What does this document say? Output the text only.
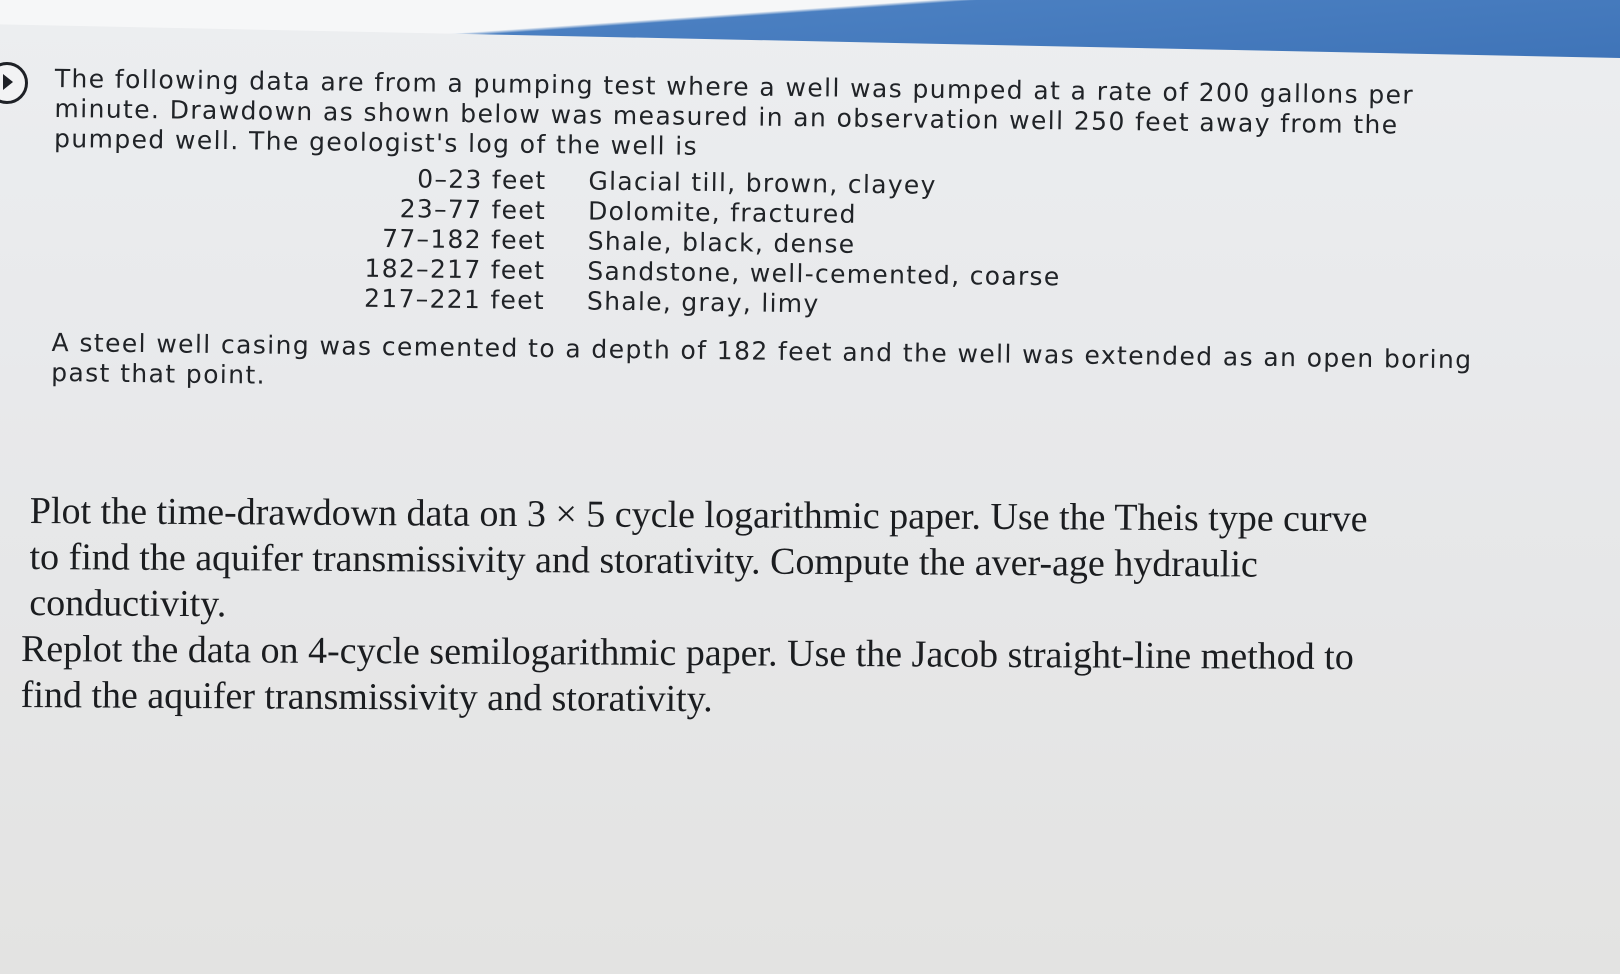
The following data are from a pumping test where a well was pumped at a rate of 200 gallons per minute. Drawdown as shown below was measured in an observation well 250 feet away from the pumped well. The geologist's log of the well is

0–23 feet	Glacial till, brown, clayey
23–77 feet	Dolomite, fractured
77–182 feet	Shale, black, dense
182–217 feet	Sandstone, well-cemented, coarse
217–221 feet	Shale, gray, limy

A steel well casing was cemented to a depth of 182 feet and the well was extended as an open boring past that point.

Plot the time-drawdown data on 3 × 5 cycle logarithmic paper. Use the Theis type curve to find the aquifer transmissivity and storativity. Compute the aver-age hydraulic conductivity.

Replot the data on 4-cycle semilogarithmic paper. Use the Jacob straight-line method to find the aquifer transmissivity and storativity.
